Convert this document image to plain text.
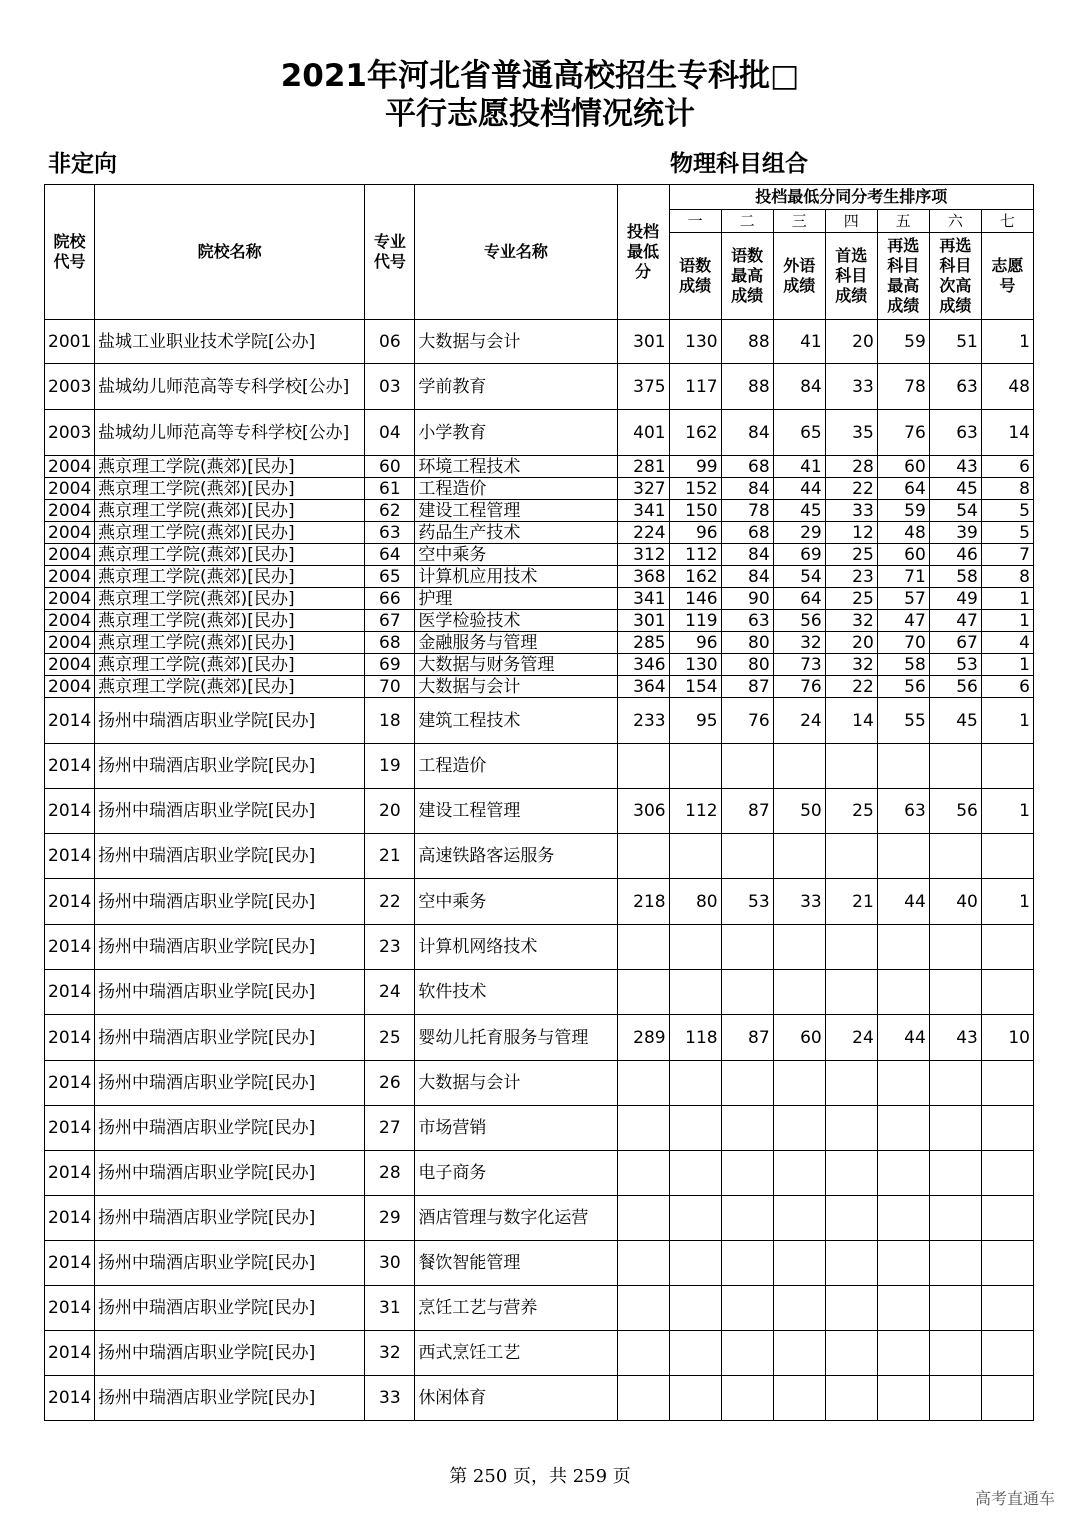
2021年河北省普通高校招生专科批□
平行志愿投档情况统计
非定向	物理科目组合
院校代号	院校名称	专业代号	专业名称	投档最低分	投档最低分同分考生排序项						
					一	二	三	四	五	六	七
					语数成绩	语数最高成绩	外语成绩	首选科目成绩	再选科目最高成绩	再选科目次高成绩	志愿号
2001	盐城工业职业技术学院[公办]	06	大数据与会计	301	130	88	41	20	59	51	1
2003	盐城幼儿师范高等专科学校[公办]	03	学前教育	375	117	88	84	33	78	63	48
2003	盐城幼儿师范高等专科学校[公办]	04	小学教育	401	162	84	65	35	76	63	14
2004	燕京理工学院(燕郊)[民办]	60	环境工程技术	281	99	68	41	28	60	43	6
2004	燕京理工学院(燕郊)[民办]	61	工程造价	327	152	84	44	22	64	45	8
2004	燕京理工学院(燕郊)[民办]	62	建设工程管理	341	150	78	45	33	59	54	5
2004	燕京理工学院(燕郊)[民办]	63	药品生产技术	224	96	68	29	12	48	39	5
2004	燕京理工学院(燕郊)[民办]	64	空中乘务	312	112	84	69	25	60	46	7
2004	燕京理工学院(燕郊)[民办]	65	计算机应用技术	368	162	84	54	23	71	58	8
2004	燕京理工学院(燕郊)[民办]	66	护理	341	146	90	64	25	57	49	1
2004	燕京理工学院(燕郊)[民办]	67	医学检验技术	301	119	63	56	32	47	47	1
2004	燕京理工学院(燕郊)[民办]	68	金融服务与管理	285	96	80	32	20	70	67	4
2004	燕京理工学院(燕郊)[民办]	69	大数据与财务管理	346	130	80	73	32	58	53	1
2004	燕京理工学院(燕郊)[民办]	70	大数据与会计	364	154	87	76	22	56	56	6
2014	扬州中瑞酒店职业学院[民办]	18	建筑工程技术	233	95	76	24	14	55	45	1
2014	扬州中瑞酒店职业学院[民办]	19	工程造价								
2014	扬州中瑞酒店职业学院[民办]	20	建设工程管理	306	112	87	50	25	63	56	1
2014	扬州中瑞酒店职业学院[民办]	21	高速铁路客运服务								
2014	扬州中瑞酒店职业学院[民办]	22	空中乘务	218	80	53	33	21	44	40	1
2014	扬州中瑞酒店职业学院[民办]	23	计算机网络技术								
2014	扬州中瑞酒店职业学院[民办]	24	软件技术								
2014	扬州中瑞酒店职业学院[民办]	25	婴幼儿托育服务与管理	289	118	87	60	24	44	43	10
2014	扬州中瑞酒店职业学院[民办]	26	大数据与会计								
2014	扬州中瑞酒店职业学院[民办]	27	市场营销								
2014	扬州中瑞酒店职业学院[民办]	28	电子商务								
2014	扬州中瑞酒店职业学院[民办]	29	酒店管理与数字化运营								
2014	扬州中瑞酒店职业学院[民办]	30	餐饮智能管理								
2014	扬州中瑞酒店职业学院[民办]	31	烹饪工艺与营养								
2014	扬州中瑞酒店职业学院[民办]	32	西式烹饪工艺								
2014	扬州中瑞酒店职业学院[民办]	33	休闲体育								
第 250 页，共 259 页
高考直通车
